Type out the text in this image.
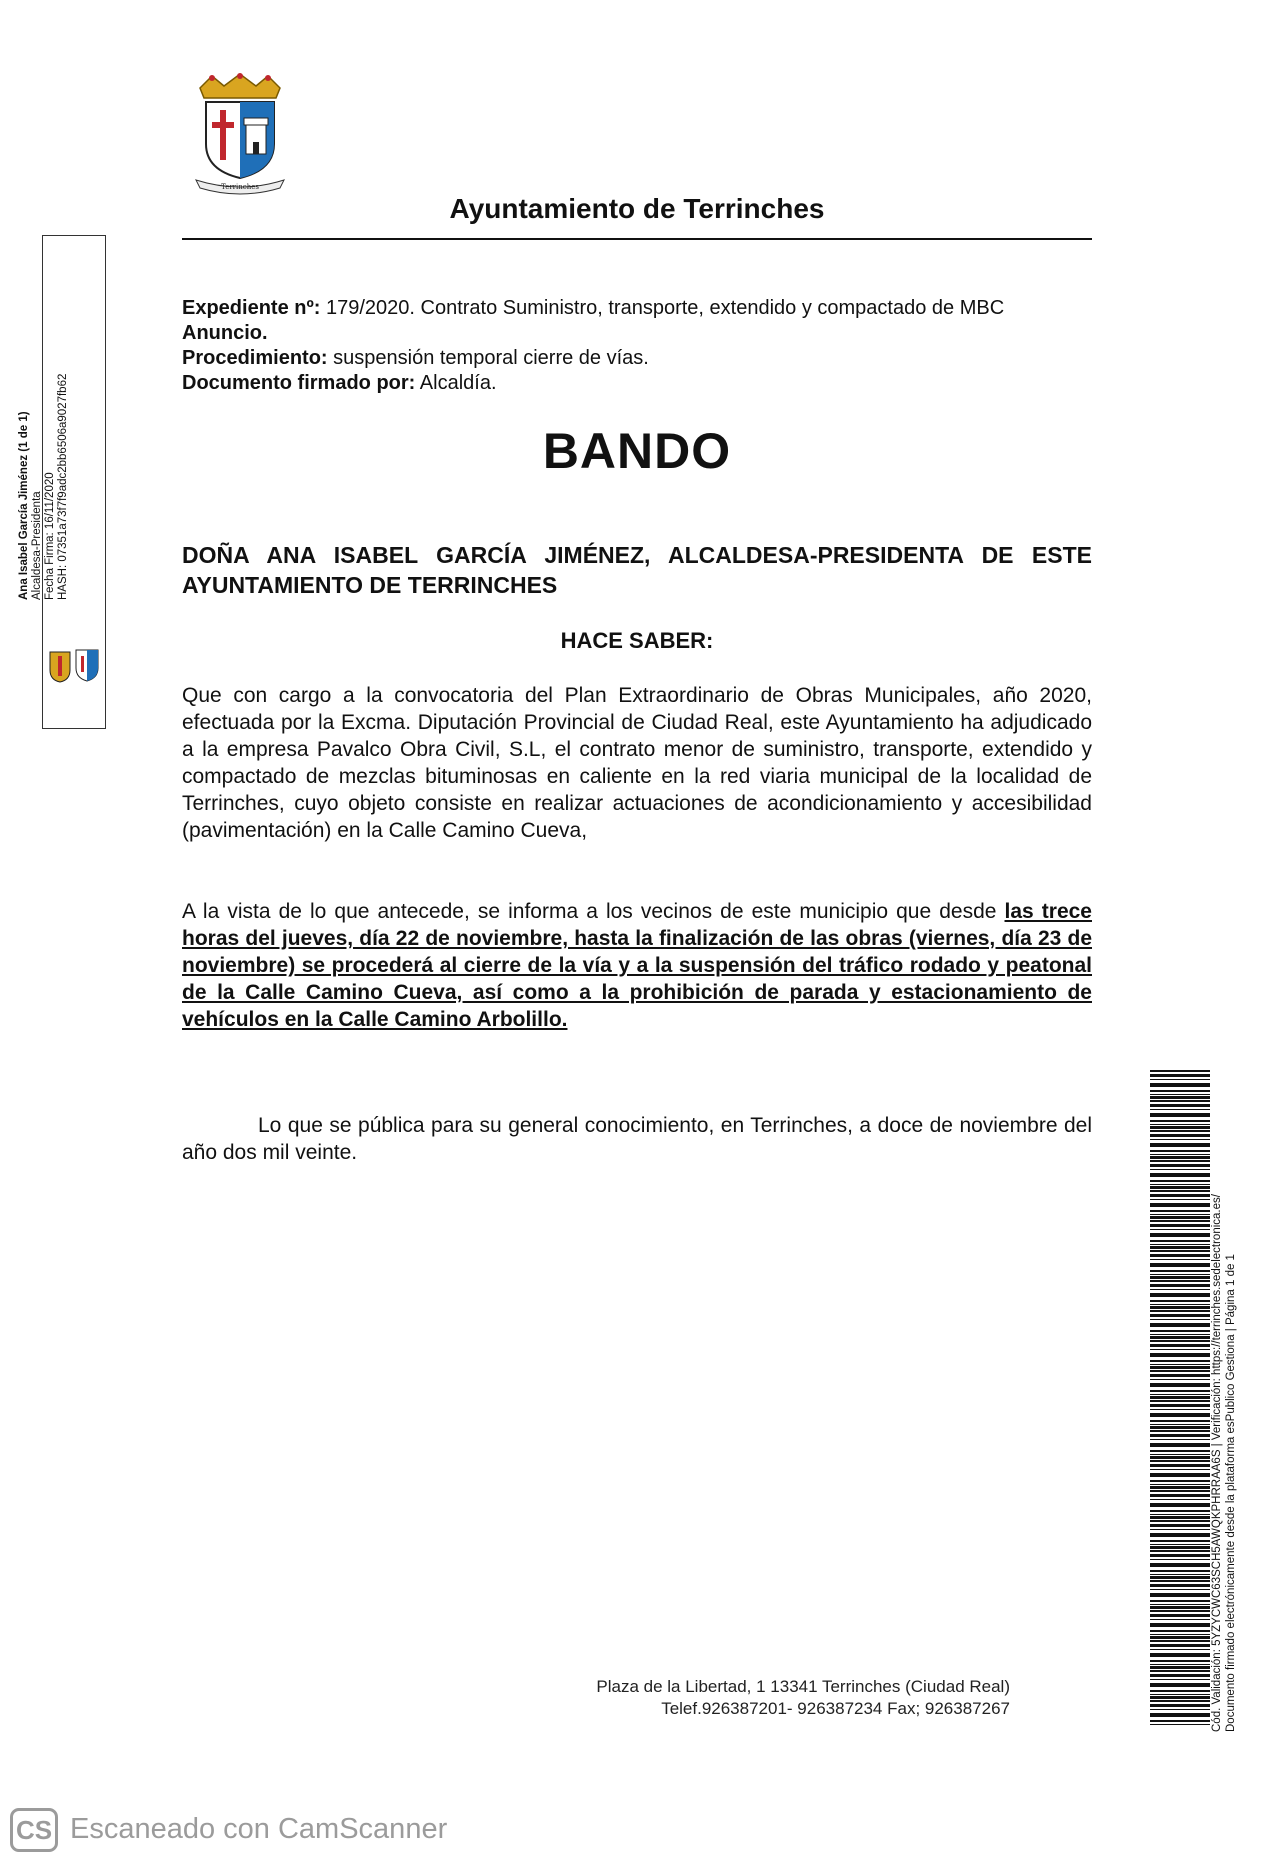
Terrinches
Ayuntamiento de Terrinches
Expediente nº: 179/2020. Contrato Suministro, transporte, extendido y compactado de MBC
Anuncio.
Procedimiento: suspensión temporal cierre de vías.
Documento firmado por: Alcaldía.
BANDO
DOÑA ANA ISABEL GARCÍA JIMÉNEZ, ALCALDESA-PRESIDENTA DE ESTE AYUNTAMIENTO DE TERRINCHES
HACE SABER:
Que con cargo a la convocatoria del Plan Extraordinario de Obras Municipales, año 2020, efectuada por la Excma. Diputación Provincial de Ciudad Real, este Ayuntamiento ha adjudicado a la empresa Pavalco Obra Civil, S.L, el contrato menor de suministro, transporte, extendido y compactado de mezclas bituminosas en caliente en la red viaria municipal de la localidad de Terrinches, cuyo objeto consiste en realizar actuaciones de acondicionamiento y accesibilidad (pavimentación) en la Calle Camino Cueva,
A la vista de lo que antecede, se informa a los vecinos de este municipio que desde las trece horas del jueves, día 22 de noviembre, hasta la finalización de las obras (viernes, día 23 de noviembre) se procederá al cierre de la vía y a la suspensión del tráfico rodado y peatonal de la Calle Camino Cueva, así como a la prohibición de parada y estacionamiento de vehículos en la Calle Camino Arbolillo.
Lo que se pública para su general conocimiento, en Terrinches, a doce de noviembre del año dos mil veinte.
Plaza de la Libertad, 1 13341 Terrinches (Ciudad Real)
Telef.926387201- 926387234 Fax; 926387267
Ana Isabel García Jiménez (1 de 1) Alcaldesa-Presidenta Fecha Firma: 16/11/2020 HASH: 07351a73f7f9adc2bb6506a9027fb62
Cód. Validación: 5YZYCWC63SCH5AWQKPHRRAA6S | Verificación: https://terrinches.sedelectronica.es/ Documento firmado electrónicamente desde la plataforma esPublico Gestiona | Página 1 de 1
CS Escaneado con CamScanner
